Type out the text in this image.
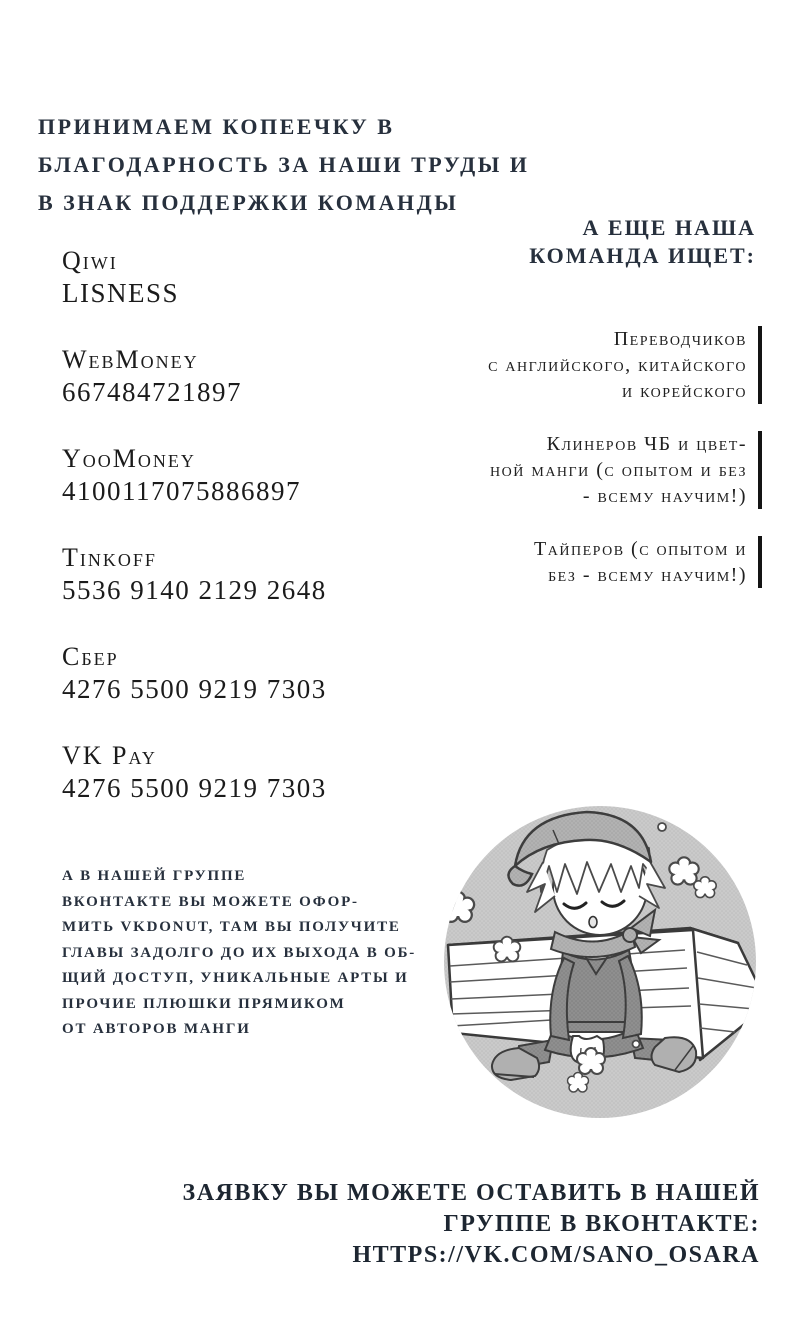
ПРИНИМАЕМ КОПЕЕЧКУ В
БЛАГОДАРНОСТЬ ЗА НАШИ ТРУДЫ И
В ЗНАК ПОДДЕРЖКИ КОМАНДЫ
Qiwi
LISNESS
WebMoney
667484721897
YooMoney
4100117075886897
Tinkoff
5536 9140 2129 2648
Сбер
4276 5500 9219 7303
VK Pay
4276 5500 9219 7303
А ЕЩЕ НАША
КОМАНДА ИЩЕТ:
Переводчиков
с английского, китайского
и корейского
Клинеров ЧБ и цвет-
ной манги (с опытом и без
- всему научим!)
Тайперов (с опытом и
без - всему научим!)

А В НАШЕЙ ГРУППЕ
ВКОНТАКТЕ ВЫ МОЖЕТЕ ОФОР-
МИТЬ VKDONUT, ТАМ ВЫ ПОЛУЧИТЕ
ГЛАВЫ ЗАДОЛГО ДО ИХ ВЫХОДА В ОБ-
ЩИЙ ДОСТУП, УНИКАЛЬНЫЕ АРТЫ И
ПРОЧИЕ ПЛЮШКИ ПРЯМИКОМ
ОТ АВТОРОВ МАНГИ

ЗАЯВКУ ВЫ МОЖЕТЕ ОСТАВИТЬ В НАШЕЙ
ГРУППЕ В ВКОНТАКТЕ: HTTPS://VK.COM/SANO_OSARA
